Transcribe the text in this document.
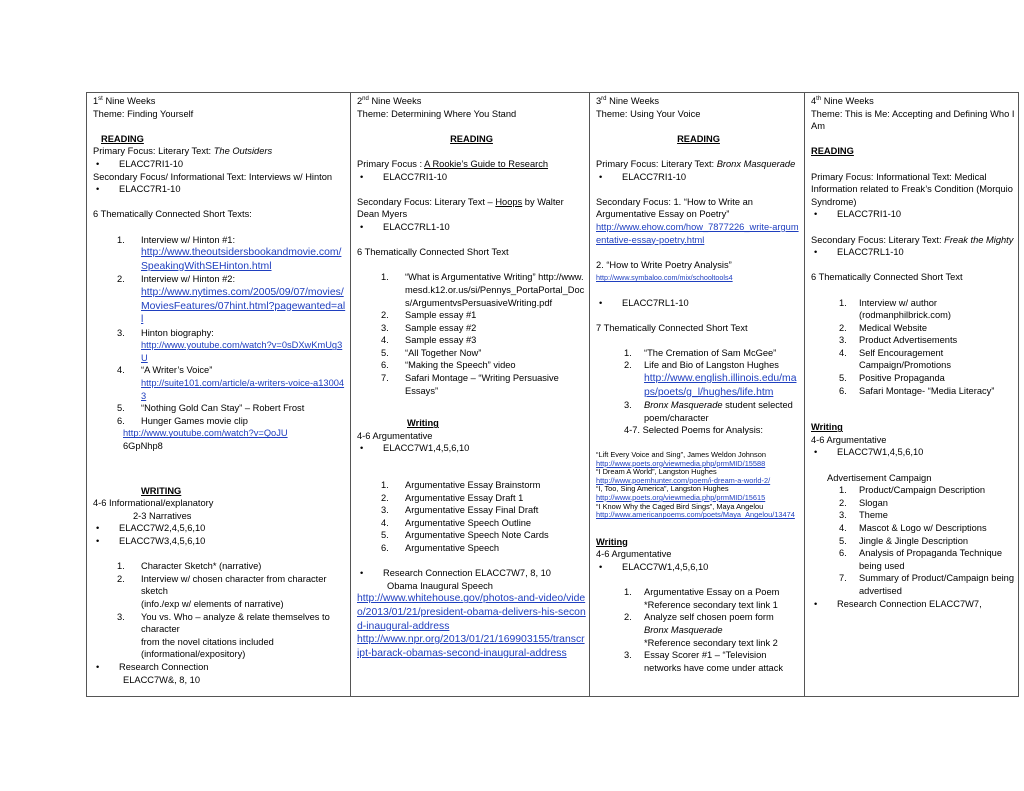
1st Nine Weeks

Theme: Finding Yourself

READING

Primary Focus: Literary Text: The Outsiders

• ELACC7RI1-10

Secondary Focus/ Informational Text: Interviews w/ Hinton

• ELACC7R1-10

6 Thematically Connected Short Texts:

1. Interview w/ Hinton #1:
http://www.theoutsidersbookandmovie.com/SpeakingWithSEHinton.html
2. Interview w/ Hinton #2:
http://www.nytimes.com/2005/09/07/movies/MoviesFeatures/07hint.html?pagewanted=all
3. Hinton biography:
http://www.youtube.com/watch?v=0sDXwKmUg3U
4. “A Writer’s Voice”
http://suite101.com/article/a-writers-voice-a130043
5. “Nothing Gold Can Stay” – Robert Frost
6. Hunger Games movie clip

http://www.youtube.com/watch?v=QoJU

6GpNhp8

WRITING

4-6 Informational/explanatory

2-3 Narratives

• ELACC7W2,4,5,6,10

• ELACC7W3,4,5,6,10

1. Character Sketch* (narrative)
2. Interview w/ chosen character from character sketch

(info./exp w/ elements of narrative)

3. You vs. Who – analyze & relate themselves to character

from the novel citations included

(informational/expository)

• Research Connection

ELACC7W&, 8, 10

2nd Nine Weeks

Theme: Determining Where You Stand

READING

Primary Focus : A Rookie’s Guide to Research

• ELACC7RI1-10

Secondary Focus: Literary Text – Hoops by Walter Dean Myers

• ELACC7RL1-10

6 Thematically Connected Short Text

1. “What is Argumentative Writing” http://www.mesd.k12.or.us/si/Pennys_PortaPortal_Docs/ArgumentvsPersuasiveWriting.pdf
2. Sample essay #1
3. Sample essay #2
4. Sample essay #3
5. “All Together Now”
6. “Making the Speech” video
7. Safari Montage – “Writing Persuasive Essays”

Writing

4-6 Argumentative

• ELACC7W1,4,5,6,10

1. Argumentative Essay Brainstorm
2. Argumentative Essay Draft 1
3. Argumentative Essay Final Draft
4. Argumentative Speech Outline
5. Argumentative Speech Note Cards
6. Argumentative Speech

• Research Connection ELACC7W7, 8, 10

Obama Inaugural Speech

http://www.whitehouse.gov/photos-and-video/video/2013/01/21/president-obama-delivers-his-second-inaugural-address

http://www.npr.org/2013/01/21/169903155/transcript-barack-obamas-second-inaugural-address

3rd Nine Weeks

Theme: Using Your Voice

READING

Primary Focus: Literary Text: Bronx Masquerade

• ELACC7RI1-10

Secondary Focus: 1. “How to Write an Argumentative Essay on Poetry”

http://www.ehow.com/how_7877226_write-argumentative-essay-poetry.html

2. “How to Write Poetry Analysis”

http://www.symbaloo.com/mix/schooltools4

• ELACC7RL1-10

7 Thematically Connected Short Text

1. “The Cremation of Sam McGee”
2. Life and Bio of Langston Hughes
http://www.english.illinois.edu/maps/poets/g_l/hughes/life.htm
3. Bronx Masquerade student selected poem/character

4-7. Selected Poems for Analysis:

“Lift Every Voice and Sing”, James Weldon Johnson

http://www.poets.org/viewmedia.php/prmMID/15588

“I Dream A World”, Langston Hughes

http://www.poemhunter.com/poem/i-dream-a-world-2/

“I, Too, Sing America”, Langston Hughes

http://www.poets.org/viewmedia.php/prmMID/15615

“I Know Why the Caged Bird Sings”, Maya Angelou

http://www.americanpoems.com/poets/Maya_Angelou/13474

Writing

4-6 Argumentative

• ELACC7W1,4,5,6,10

1. Argumentative Essay on a Poem

*Reference secondary text link 1

2. Analyze self chosen poem form

Bronx Masquerade

*Reference secondary text link 2

3. Essay Scorer #1 – “Television networks have come under attack

4th Nine Weeks

Theme: This is Me: Accepting and Defining Who I Am

READING

Primary Focus: Informational Text: Medical Information related to Freak’s Condition (Morquio Syndrome)

• ELACC7RI1-10

Secondary Focus: Literary Text: Freak the Mighty

• ELACC7RL1-10

6 Thematically Connected Short Text

1. Interview w/ author (rodmanphilbrick.com)
2. Medical Website
3. Product Advertisements
4. Self Encouragement Campaign/Promotions
5. Positive Propaganda
6. Safari Montage- “Media Literacy”

Writing

4-6 Argumentative

• ELACC7W1,4,5,6,10

Advertisement Campaign

1. Product/Campaign Description
2. Slogan
3. Theme
4. Mascot & Logo w/ Descriptions
5. Jingle & Jingle Description
6. Analysis of Propaganda Technique being used
7. Summary of Product/Campaign being advertised

• Research Connection ELACC7W7,
